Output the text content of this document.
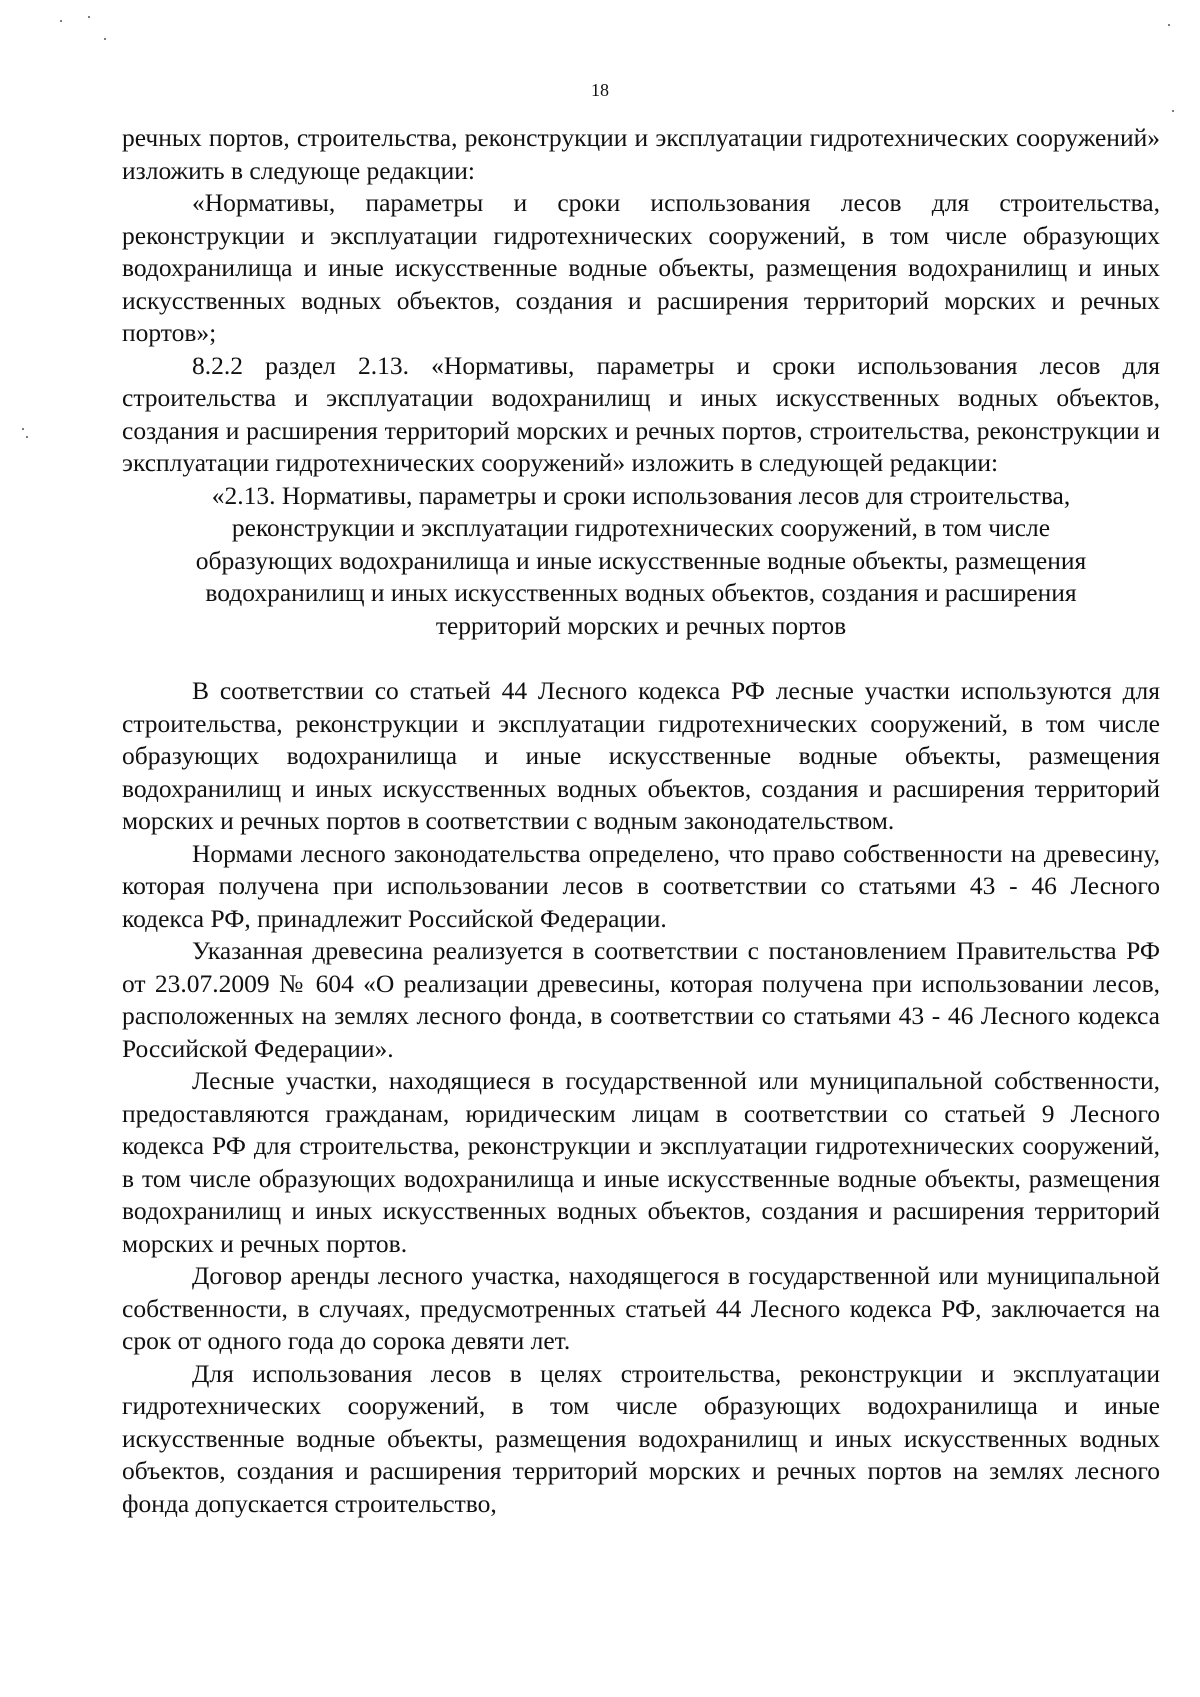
18

речных портов, строительства, реконструкции и эксплуатации гидротехнических сооружений» изложить в следующе редакции:

«Нормативы, параметры и сроки использования лесов для строительства, реконструкции и эксплуатации гидротехнических сооружений, в том числе образующих водохранилища и иные искусственные водные объекты, размещения водохранилищ и иных искусственных водных объектов, создания и расширения территорий морских и речных портов»;

8.2.2 раздел 2.13. «Нормативы, параметры и сроки использования лесов для строительства и эксплуатации водохранилищ и иных искусственных водных объектов, создания и расширения территорий морских и речных портов, строительства, реконструкции и эксплуатации гидротехнических сооружений» изложить в следующей редакции:

«2.13. Нормативы, параметры и сроки использования лесов для строительства, реконструкции и эксплуатации гидротехнических сооружений, в том числе образующих водохранилища и иные искусственные водные объекты, размещения водохранилищ и иных искусственных водных объектов, создания и расширения территорий морских и речных портов

В соответствии со статьей 44 Лесного кодекса РФ лесные участки используются для строительства, реконструкции и эксплуатации гидротехнических сооружений, в том числе образующих водохранилища и иные искусственные водные объекты, размещения водохранилищ и иных искусственных водных объектов, создания и расширения территорий морских и речных портов в соответствии с водным законодательством.

Нормами лесного законодательства определено, что право собственности на древесину, которая получена при использовании лесов в соответствии со статьями 43 - 46 Лесного кодекса РФ, принадлежит Российской Федерации.

Указанная древесина реализуется в соответствии с постановлением Правительства РФ от 23.07.2009 № 604 «О реализации древесины, которая получена при использовании лесов, расположенных на землях лесного фонда, в соответствии со статьями 43 - 46 Лесного кодекса Российской Федерации».

Лесные участки, находящиеся в государственной или муниципальной собственности, предоставляются гражданам, юридическим лицам в соответствии со статьей 9 Лесного кодекса РФ для строительства, реконструкции и эксплуатации гидротехнических сооружений, в том числе образующих водохранилища и иные искусственные водные объекты, размещения водохранилищ и иных искусственных водных объектов, создания и расширения территорий морских и речных портов.

Договор аренды лесного участка, находящегося в государственной или муниципальной собственности, в случаях, предусмотренных статьей 44 Лесного кодекса РФ, заключается на срок от одного года до сорока девяти лет.

Для использования лесов в целях строительства, реконструкции и эксплуатации гидротехнических сооружений, в том числе образующих водохранилища и иные искусственные водные объекты, размещения водохранилищ и иных искусственных водных объектов, создания и расширения территорий морских и речных портов на землях лесного фонда допускается строительство,
